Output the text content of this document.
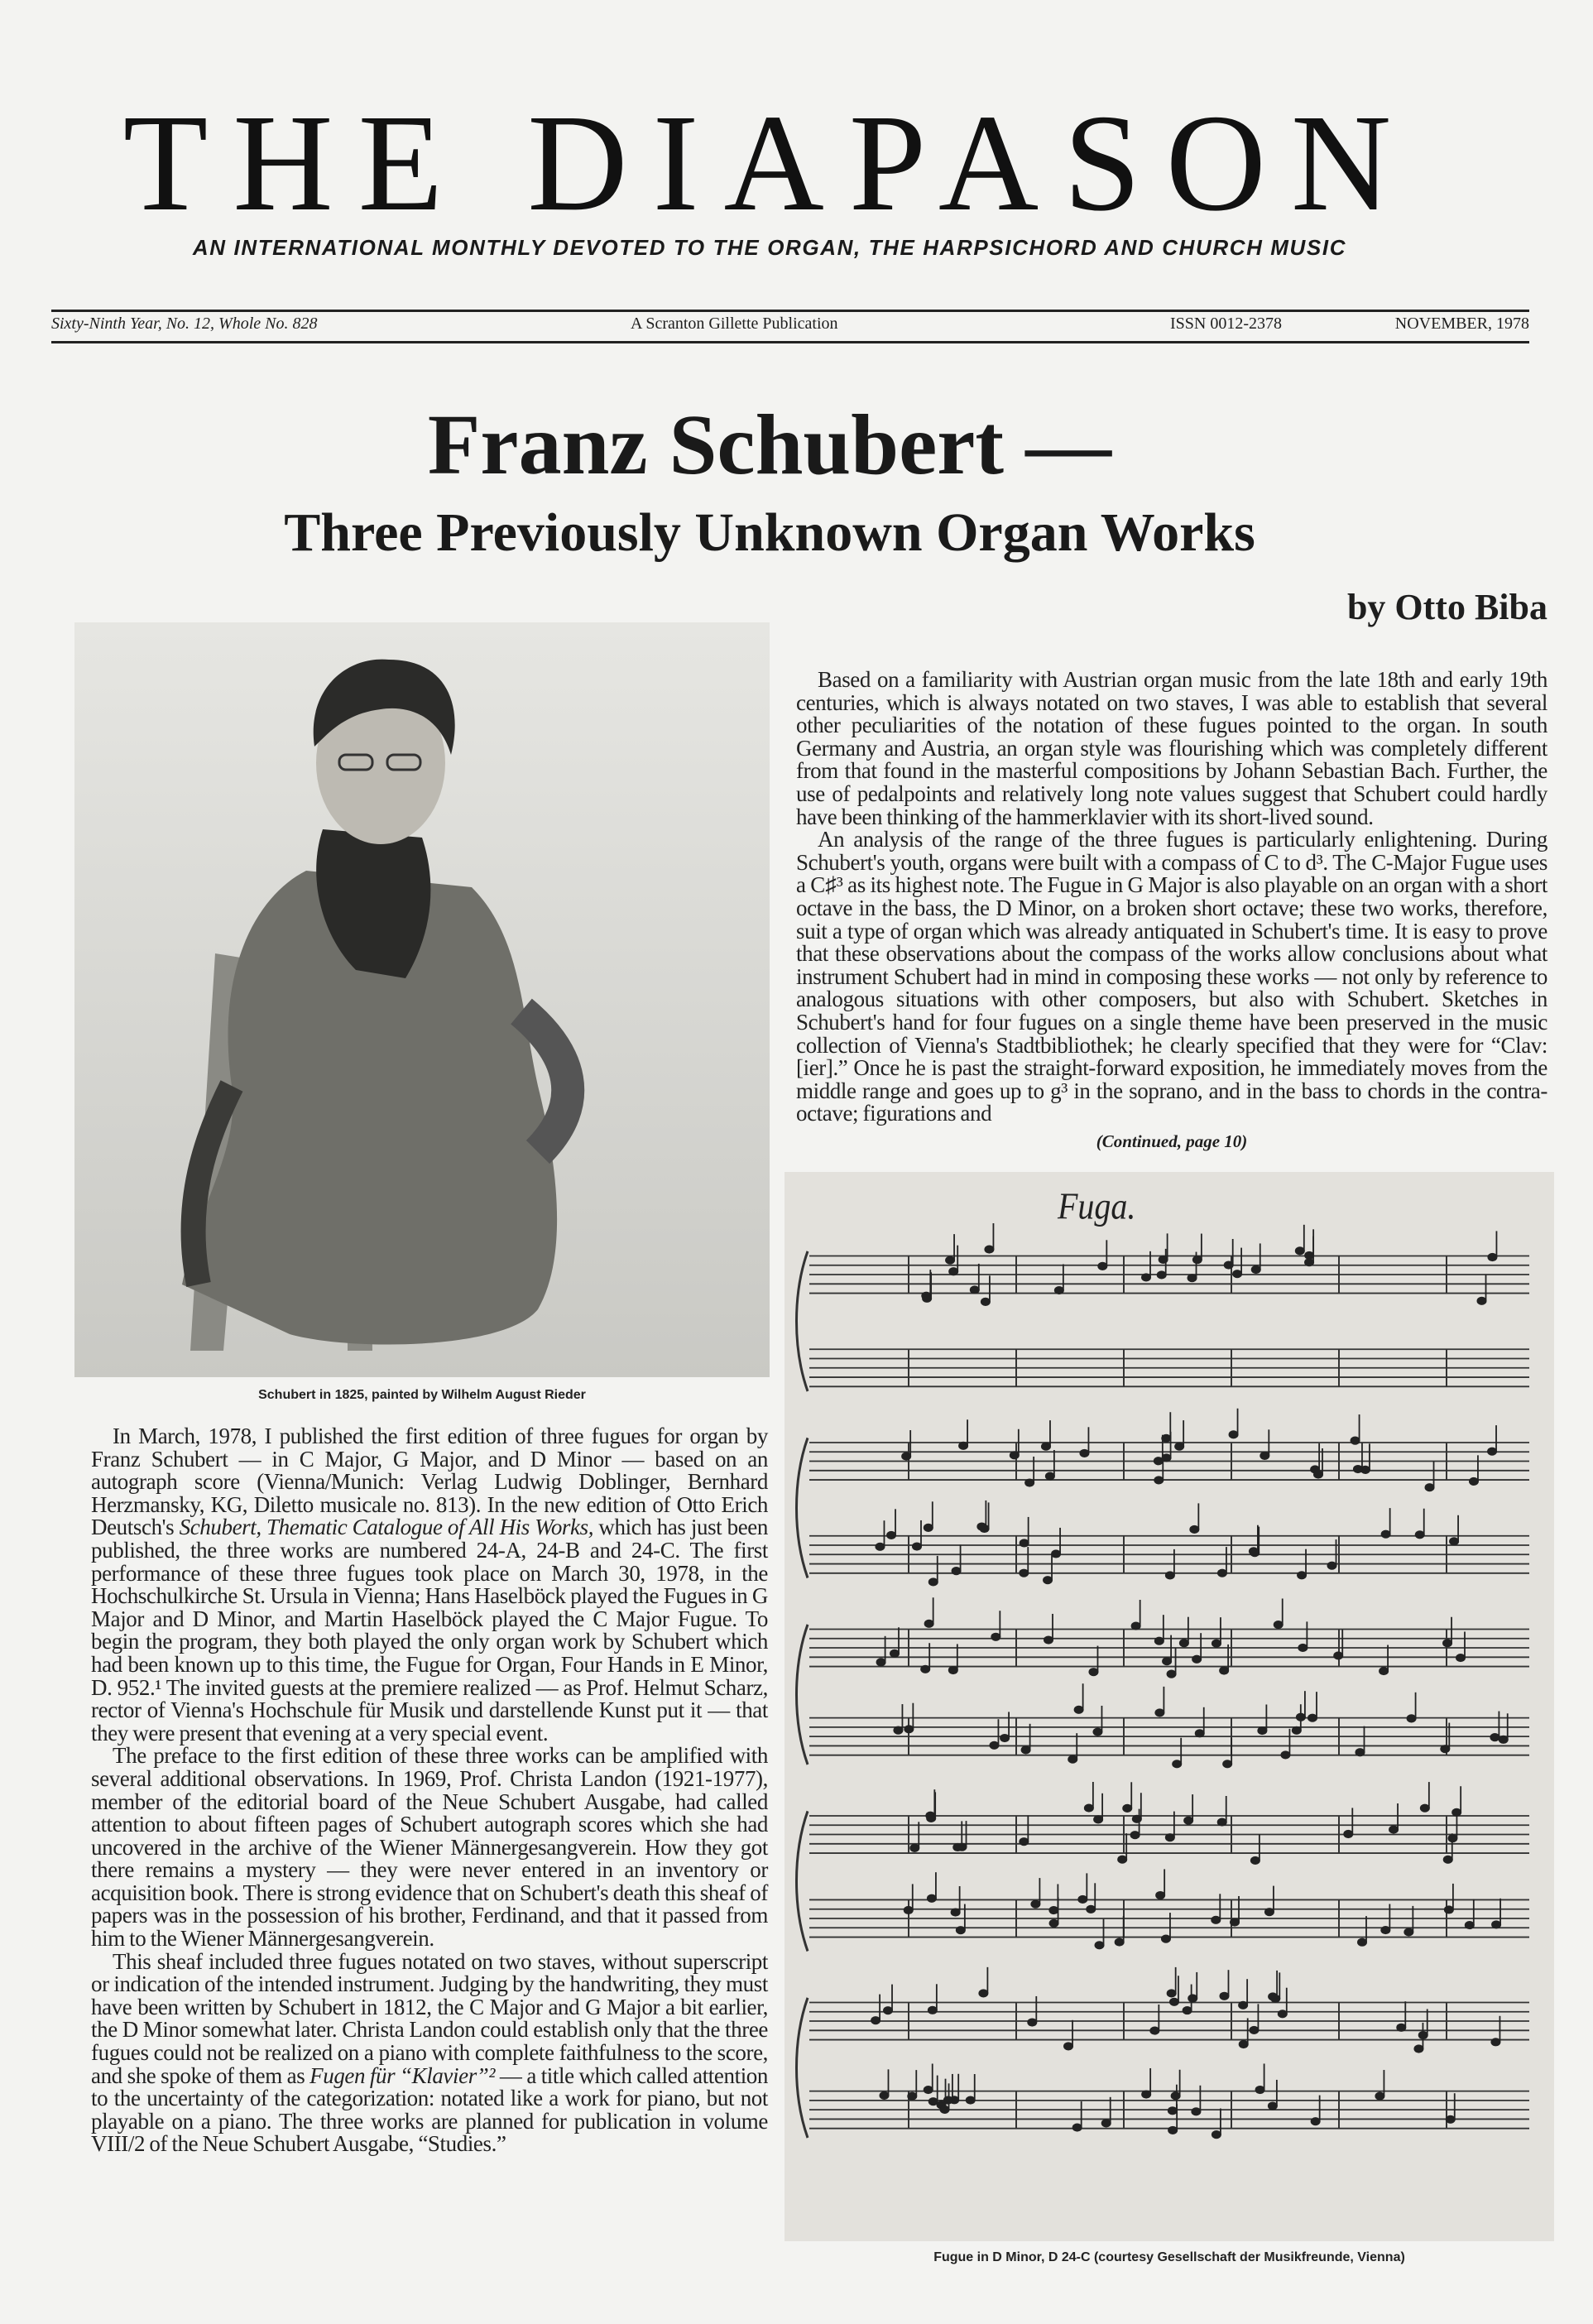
THE DIAPASON
AN INTERNATIONAL MONTHLY DEVOTED TO THE ORGAN, THE HARPSICHORD AND CHURCH MUSIC
Sixty-Ninth Year, No. 12, Whole No. 828	A Scranton Gillette Publication	ISSN 0012-2378	NOVEMBER, 1978
Franz Schubert —
Three Previously Unknown Organ Works
by Otto Biba
Schubert in 1825, painted by Wilhelm August Rieder

Based on a familiarity with Austrian organ music from the late 18th and early 19th centuries, which is always notated on two staves, I was able to establish that several other peculiarities of the notation of these fugues pointed to the organ. In south Germany and Austria, an organ style was flourishing which was completely different from that found in the masterful compositions by Johann Sebastian Bach. Further, the use of pedalpoints and relatively long note values suggest that Schubert could hardly have been thinking of the hammerklavier with its short-lived sound.

An analysis of the range of the three fugues is particularly enlightening. During Schubert's youth, organs were built with a compass of C to d³. The C-Major Fugue uses a C♯³ as its highest note. The Fugue in G Major is also playable on an organ with a short octave in the bass, the D Minor, on a broken short octave; these two works, therefore, suit a type of organ which was already antiquated in Schubert's time. It is easy to prove that these observations about the compass of the works allow conclusions about what instrument Schubert had in mind in composing these works — not only by reference to analogous situations with other composers, but also with Schubert. Sketches in Schubert's hand for four fugues on a single theme have been preserved in the music collection of Vienna's Stadtbibliothek; he clearly specified that they were for “Clav:[ier].” Once he is past the straight-forward exposition, he immediately moves from the middle range and goes up to g³ in the soprano, and in the bass to chords in the contra-octave; figurations and

(Continued, page 10)
Fuga.
Fugue in D Minor, D 24-C (courtesy Gesellschaft der Musikfreunde, Vienna)

In March, 1978, I published the first edition of three fugues for organ by Franz Schubert — in C Major, G Major, and D Minor — based on an autograph score (Vienna/Munich: Verlag Ludwig Doblinger, Bernhard Herzmansky, KG, Diletto musicale no. 813). In the new edition of Otto Erich Deutsch's Schubert, Thematic Catalogue of All His Works, which has just been published, the three works are numbered 24-A, 24-B and 24-C. The first performance of these three fugues took place on March 30, 1978, in the Hochschulkirche St. Ursula in Vienna; Hans Haselböck played the Fugues in G Major and D Minor, and Martin Haselböck played the C Major Fugue. To begin the program, they both played the only organ work by Schubert which had been known up to this time, the Fugue for Organ, Four Hands in E Minor, D. 952.¹ The invited guests at the premiere realized — as Prof. Helmut Scharz, rector of Vienna's Hochschule für Musik und darstellende Kunst put it — that they were present that evening at a very special event.

The preface to the first edition of these three works can be amplified with several additional observations. In 1969, Prof. Christa Landon (1921-1977), member of the editorial board of the Neue Schubert Ausgabe, had called attention to about fifteen pages of Schubert autograph scores which she had uncovered in the archive of the Wiener Männergesangverein. How they got there remains a mystery — they were never entered in an inventory or acquisition book. There is strong evidence that on Schubert's death this sheaf of papers was in the possession of his brother, Ferdinand, and that it passed from him to the Wiener Männergesangverein.

This sheaf included three fugues notated on two staves, without superscript or indication of the intended instrument. Judging by the handwriting, they must have been written by Schubert in 1812, the C Major and G Major a bit earlier, the D Minor somewhat later. Christa Landon could establish only that the three fugues could not be realized on a piano with complete faithfulness to the score, and she spoke of them as Fugen für “Klavier”² — a title which called attention to the uncertainty of the categorization: notated like a work for piano, but not playable on a piano. The three works are planned for publication in volume VIII/2 of the Neue Schubert Ausgabe, “Studies.”
